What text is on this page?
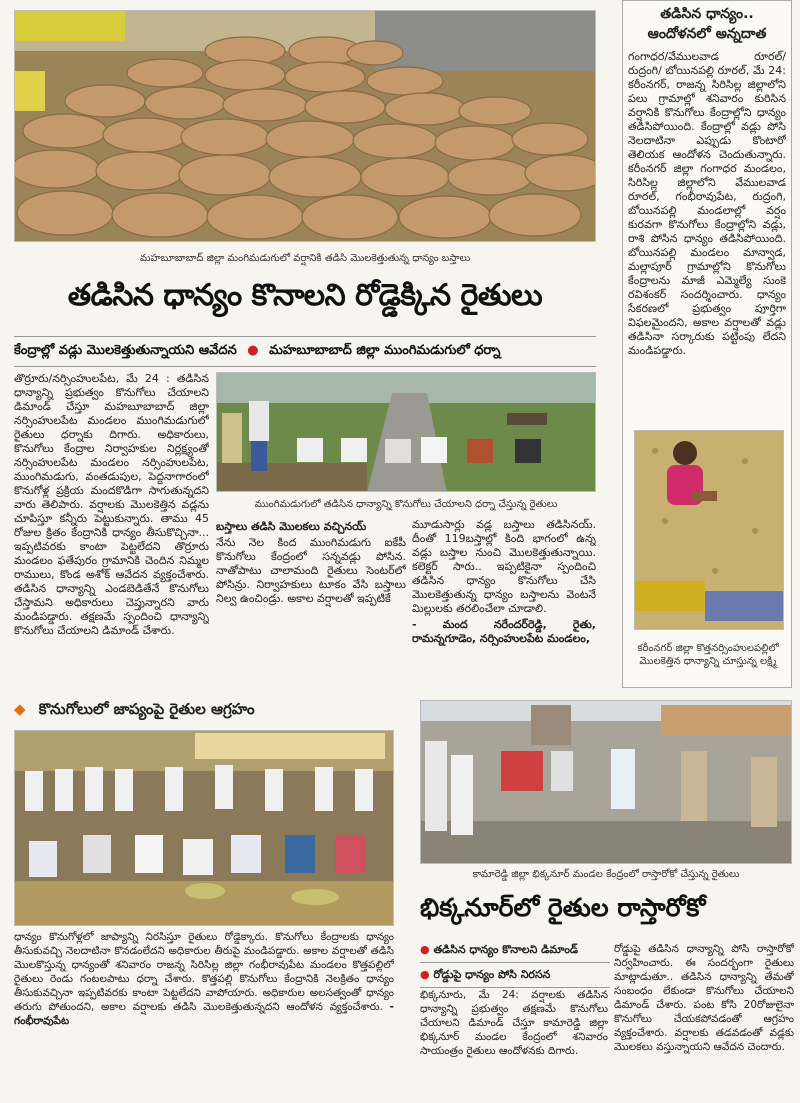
మహబూబాబాద్ జిల్లా మంగిమడుగులో వర్షానికి తడిసి మొలకెత్తుతున్న ధాన్యం బస్తాలు
తడిసిన ధాన్యం కొనాలని రోడ్డెక్కిన రైతులు
కేంద్రాల్లో వడ్లు మొలకెత్తుతున్నాయని ఆవేదన ● మహబూబాబాద్ జిల్లా ముంగిమడుగులో ధర్నా
తొర్రూరు/నర్సింహులపేట, మే 24 : తడిసిన ధాన్యాన్ని ప్రభుత్వం కొనుగోలు చేయాలని డిమాండ్ చేస్తూ మహబూబాబాద్ జిల్లా నర్సింహులపేట మండలం ముంగిమడుగులో రైతులు ధర్నాకు దిగారు. అధికారులు, కొనుగోలు కేంద్రాల నిర్వాహకుల నిర్లక్ష్యంతో నర్సింహులపేట మండలం నర్సింహులపేట, ముంగిమడుగు, వంతడుపుల, పెద్దనాగారంలో కొనుగోళ్ల ప్రక్రియ మందకొడిగా సాగుతున్నదని వారు తెలిపారు. వర్షాలకు మొలకెత్తిన వడ్లను చూపిస్తూ కన్నీరు పెట్టుకున్నారు. తాము 45 రోజుల క్రితం కేంద్రానికి ధాన్యం తీసుకొచ్చినా... ఇప్పటివరకు కాంటా పెట్టలేదని తొర్రూరు మండలం ఫతేపురం గ్రామానికి చెందిన నిమ్మల రాములు, కొండ అశోక్ ఆవేదన వ్యక్తంచేశారు. తడిసిన ధాన్యాన్ని ఎండబెడితేనే కొనుగోలు చేస్తామని అధికారులు చెప్తున్నారని వారు మండిపడ్డారు. తక్షణమే స్పందించి ధాన్యాన్ని కొనుగోలు చేయాలని డిమాండ్ చేశారు.
ముంగిమడుగులో తడిసిన ధాన్యాన్ని కొనుగోలు చేయాలని ధర్నా చేస్తున్న రైతులు
బస్తాలు తడిసి మొలకలు వచ్చినయ్
నేను నెల కింద ముంగిమడుగు ఐకేపీ కొనుగోలు కేంద్రంలో సన్నవడ్లు పోసిన. నాతోపాటు చాలామంది రైతులు సెంటర్‌లో పోసిన్రు. నిర్వాహకులు టూకం వేసి బస్తాలు నిల్వ ఉంచిండ్రు. అకాల వర్షాలతో ఇప్పటికే
మూడుసార్లు వడ్ల బస్తాలు తడిసినయ్. దీంతో 119బస్తాల్లో కింది భాగంలో ఉన్న వడ్లు బస్తాల నుంచి మొలకెత్తుతున్నాయి. కలెక్టర్ సారు.. ఇప్పటికైనా స్పందించి తడిసిన ధాన్యం కొనుగోలు చేసి మొలకెత్తుతున్న ధాన్యం బస్తాలను వెంటనే మిల్లులకు తరలించేలా చూడాలి.
- మంద నరేందర్‌రెడ్డి, రైతు, రామన్నగూడెం, నర్సింహులపేట మండలం,
తడిసిన ధాన్యం..
ఆందోళనలో అన్నదాత
గంగాధర/వేములవాడ రూరల్/రుద్రంగి/ బోయినపల్లి రూరల్, మే 24: కరీంనగర్, రాజన్న సిరిసిల్ల జిల్లాలోని పలు గ్రామాల్లో శనివారం కురిసిన వర్షానికి కొనుగోలు కేంద్రాల్లోని ధాన్యం తడిసిపోయింది. కేంద్రాల్లో వడ్లు పోసి నెలదాటినా ఎప్పుడు కొంటారో తెలియక ఆందోళన చెందుతున్నారు. కరీంనగర్ జిల్లా గంగాధర మండలం, సిరిసిల్ల జిల్లాలోని వేములవాడ రూరల్, గంభీరావుపేట, రుద్రంగి, బోయినపల్లి మండలాల్లో వర్షం కురవగా కొనుగోలు కేంద్రాల్లోని వడ్లు, రాశి పోసిన ధాన్యం తడిసిపోయింది. బోయినపల్లి మండలం మాన్వాడ, మల్లాపూర్ గ్రామాల్లోని కొనుగోలు కేంద్రాలను మాజీ ఎమ్మెల్యే సుంకె రవిశంకర్ సందర్శించారు. ధాన్యం సేకరణలో ప్రభుత్వం పూర్తిగా విఫలమైందని, అకాల వర్షాలతో వడ్లు తడిసినా సర్కారుకు పట్టింపు లేదని మండిపడ్డారు.
కరీంనగర్ జిల్లా కొత్తనర్సింహులపల్లిలో మొలకెత్తిన ధాన్యాన్ని చూస్తున్న లక్ష్మి
◆ కొనుగోలులో జాప్యంపై రైతుల ఆగ్రహం
ధాన్యం కొనుగోళ్లలో జాప్యాన్ని నిరసిస్తూ రైతులు రోడ్డెక్కారు. కొనుగోలు కేంద్రాలకు ధాన్యం తీసుకువచ్చి నెలదాటినా కొనడంలేదని అధికారుల తీరుపై మండిపడ్డారు. అకాల వర్షాలతో తడిసి మొలకొస్తున్న ధాన్యంతో శనివారం రాజన్న సిరిసిల్ల జిల్లా గంభీరావుపేట మండలం కొత్తపల్లిలో రైతులు రెండు గంటలపాటు ధర్నా చేశారు. కొత్తపల్లి కొనుగోలు కేంద్రానికి నెలక్రితం ధాన్యం తీసుకువచ్చినా ఇప్పటివరకు కాంటా పెట్టలేదని వాపోయారు. అధికారుల అలసత్వంతో ధాన్యం తరుగు పోతుందని, అకాల వర్షాలకు తడిసి మొలకెత్తుతున్నదని ఆందోళన వ్యక్తంచేశారు. - గంభీరావుపేట
కామారెడ్డి జిల్లా భిక్కనూర్ మండల కేంద్రంలో రాస్తారోకో చేస్తున్న రైతులు
భిక్కనూర్‌లో రైతుల రాస్తారోకో
● తడిసిన ధాన్యం కొనాలని డిమాండ్
● రోడ్డుపై ధాన్యం పోసి నిరసన
భిక్కనూరు, మే 24: వర్షాలకు తడిసిన ధాన్యాన్ని ప్రభుత్వం తక్షణమే కొనుగోలు చేయాలని డిమాండ్ చేస్తూ కామారెడ్డి జిల్లా భిక్కనూర్ మండల కేంద్రంలో శనివారం సాయంత్రం రైతులు ఆందోళనకు దిగారు.
రోడ్డుపై తడిసిన ధాన్యాన్ని పోసి రాస్తారోకో నిర్వహించారు. ఈ సందర్భంగా రైతులు మాట్లాడుతూ.. తడిసిన ధాన్యాన్ని తేమతో సంబంధం లేకుండా కొనుగోలు చేయాలని డిమాండ్ చేశారు. పంట కోసి 20రోజులైనా కొనుగోలు చేయకపోవడంతో ఆగ్రహం వ్యక్తంచేశారు. వర్షాలకు తడవడంతో వడ్లకు మొలకలు వస్తున్నాయని ఆవేదన చెందారు.
